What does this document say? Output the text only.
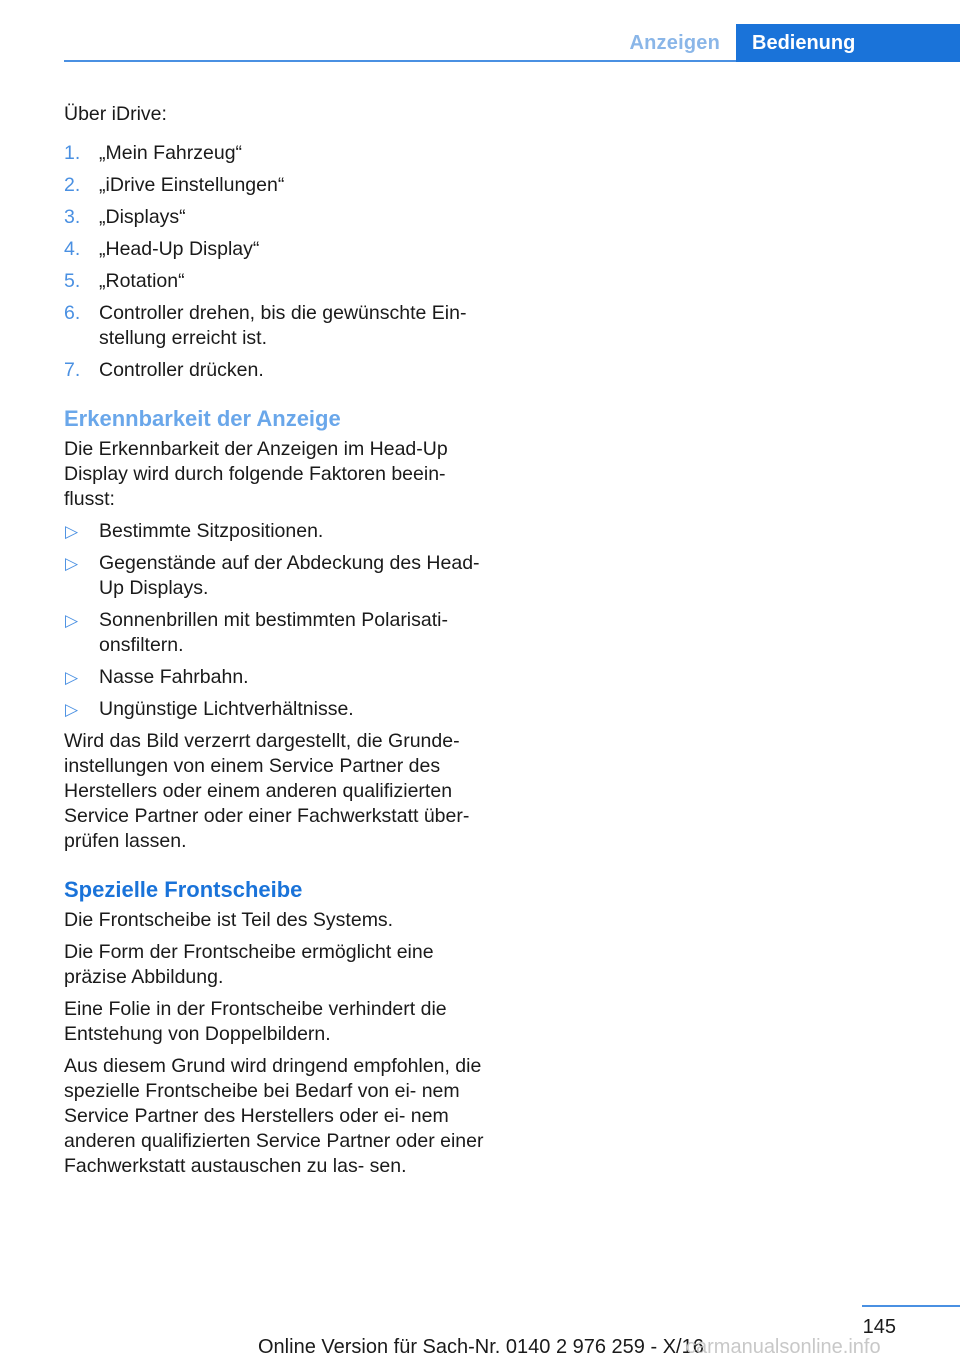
Anzeigen	Bedienung

Über iDrive:

1. „Mein Fahrzeug“
2. „iDrive Einstellungen“
3. „Displays“
4. „Head-Up Display“
5. „Rotation“
6. Controller drehen, bis die gewünschte Ein‐ stellung erreicht ist.
7. Controller drücken.
Erkennbarkeit der Anzeige

Die Erkennbarkeit der Anzeigen im Head-Up Display wird durch folgende Faktoren beein‐ flusst:

▷ Bestimmte Sitzpositionen.
▷ Gegenstände auf der Abdeckung des Head-Up Displays.
▷ Sonnenbrillen mit bestimmten Polarisati‐ onsfiltern.
▷ Nasse Fahrbahn.
▷ Ungünstige Lichtverhältnisse.

Wird das Bild verzerrt dargestellt, die Grunde‐ instellungen von einem Service Partner des Herstellers oder einem anderen qualifizierten Service Partner oder einer Fachwerkstatt über‐ prüfen lassen.

Spezielle Frontscheibe

Die Frontscheibe ist Teil des Systems.

Die Form der Frontscheibe ermöglicht eine präzise Abbildung.

Eine Folie in der Frontscheibe verhindert die Entstehung von Doppelbildern.

Aus diesem Grund wird dringend empfohlen, die spezielle Frontscheibe bei Bedarf von ei‐ nem Service Partner des Herstellers oder ei‐ nem anderen qualifizierten Service Partner oder einer Fachwerkstatt austauschen zu las‐ sen.

145
Online Version für Sach-Nr. 0140 2 976 259 - X/16
carmanualsonline.info
